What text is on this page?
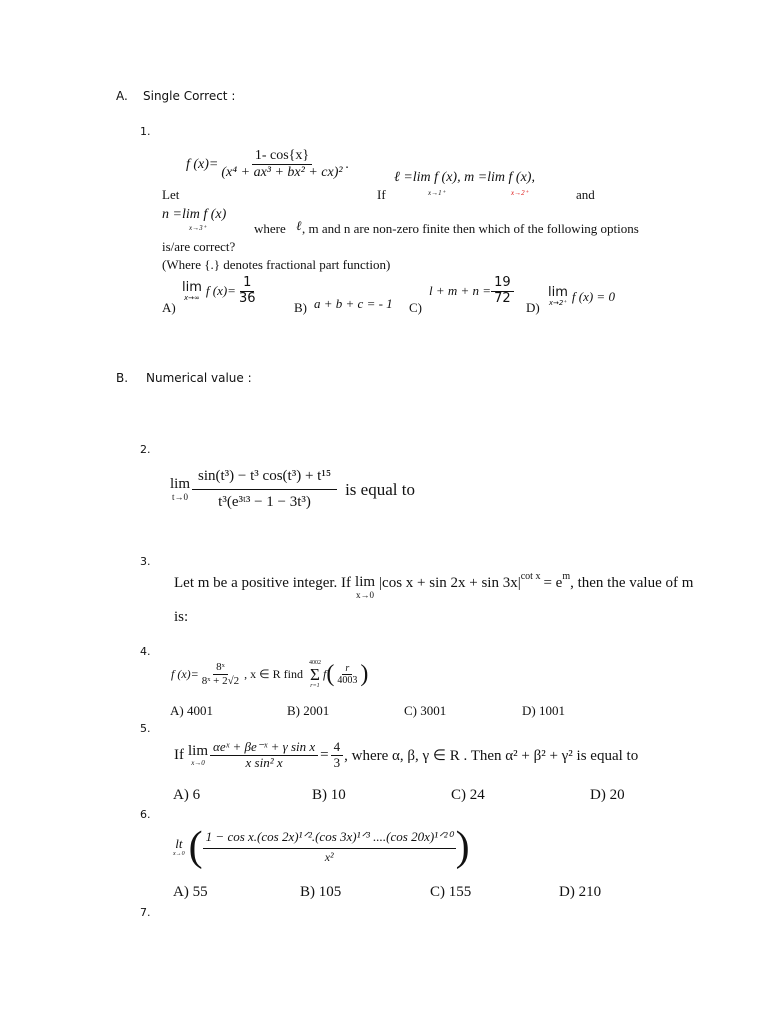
A. Single Correct :
1.
Let
f $(x)= \frac{1- \cos\{x\}}{\text{(x⁴ + ax³ + bx² + cx)²}}$ .
If
ℓ =lim f (x), m =lim f (x),
x→1⁺	x→2⁺	and
n =lim f (x)
x→3⁺	where ℓ , m and n are non-zero finite then which of the following options
is/are correct?
(Where {.} denotes fractional part function)
A)
lim
x→∞ f $(x)= \frac{1}{36}$
B) a + b + c = - 1 C)
$l + m + n = \frac{19}{72}$
D)
lim
x→2⁺ f (x) = 0
B. Numerical value :
2.
lim
$t\to 0 \frac{\text{sin(t³) − t³ cos(t³) + t¹⁵}}{\text{t³(e³ᵗ³ − 1 − 3t³)}}$ is equal to
3.
Let m be a positive integer. If lim
x→0
|cos x + sin 2x + sin 3x| cot x = e m , then the value of m
is:
4.
f $(x)= \frac{\text{8ˣ}}{\text{8ˣ + 2√2}}$ , x ∈ R find
4002
Σ
r=1
f ( $\frac{r}{4003}$ )
A) 4001	B) 2001	C) 3001	D) 1001
5.
If lim
$x\to 0 \frac{\text{αeˣ + βe⁻ˣ + γ sin x}}{\text{x sin² x}} = \frac{4}{3}$ , where α, β, γ ∈ R . Then α² + β² + γ² is equal to
A) 6	B) 10	C) 24	D) 20
6.
lt
x→0 ( $\frac{\text{1 − cos x.(cos 2x)¹ᐟ².(cos 3x)¹ᐟ³ ....(cos 20x)¹ᐟ²⁰}}{\text{x²}}$ )
A) 55	B) 105	C) 155	D) 210
7.
